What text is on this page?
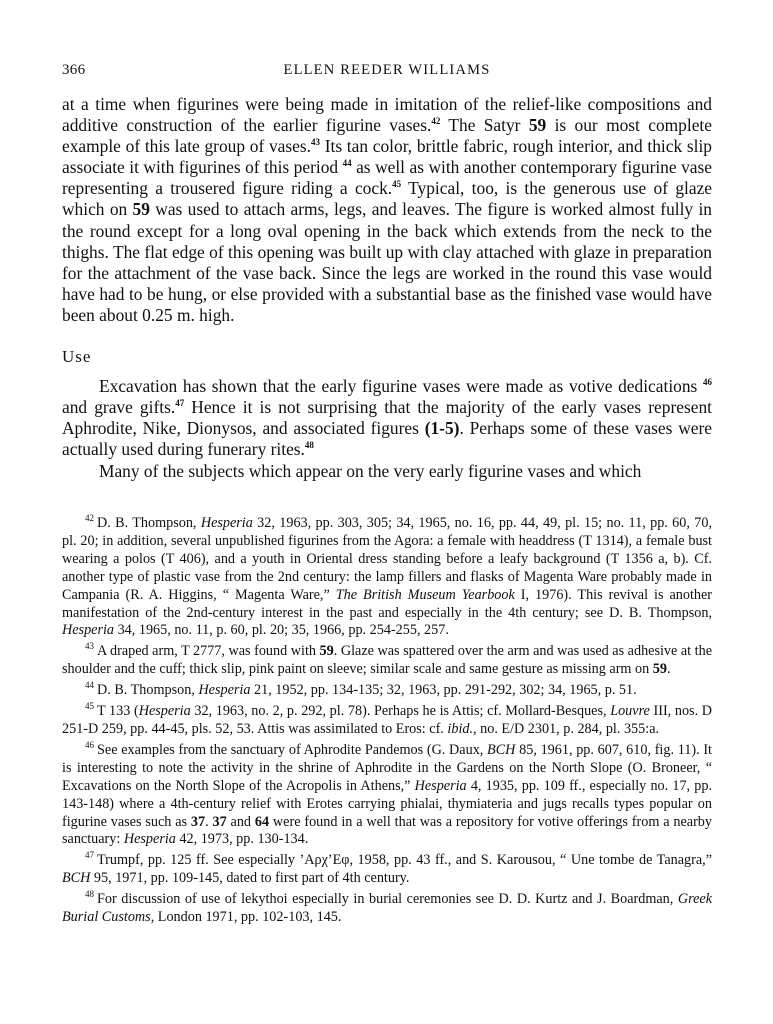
366	ELLEN REEDER WILLIAMS

at a time when figurines were being made in imitation of the relief-like compositions and additive construction of the earlier figurine vases.$^{42}$ The Satyr 59 is our most complete example of this late group of vases.$^{43}$ Its tan color, brittle fabric, rough interior, and thick slip associate it with figurines of this period $^{44}$ as well as with another contemporary figurine vase representing a trousered figure riding a cock.$^{45}$ Typical, too, is the generous use of glaze which on 59 was used to attach arms, legs, and leaves. The figure is worked almost fully in the round except for a long oval opening in the back which extends from the neck to the thighs. The flat edge of this opening was built up with clay attached with glaze in preparation for the attachment of the vase back. Since the legs are worked in the round this vase would have had to be hung, or else provided with a substantial base as the finished vase would have been about 0.25 m. high.

Use

Excavation has shown that the early figurine vases were made as votive dedications $^{46}$ and grave gifts.$^{47}$ Hence it is not surprising that the majority of the early vases represent Aphrodite, Nike, Dionysos, and associated figures (1-5). Perhaps some of these vases were actually used during funerary rites.$^{48}$

Many of the subjects which appear on the very early figurine vases and which

$^{42}$ D. B. Thompson, Hesperia 32, 1963, pp. 303, 305; 34, 1965, no. 16, pp. 44, 49, pl. 15; no. 11, pp. 60, 70, pl. 20; in addition, several unpublished figurines from the Agora: a female with headdress (T 1314), a female bust wearing a polos (T 406), and a youth in Oriental dress standing before a leafy background (T 1356 a, b). Cf. another type of plastic vase from the 2nd century: the lamp fillers and flasks of Magenta Ware probably made in Campania (R. A. Higgins, “ Magenta Ware,” The British Museum Yearbook I, 1976). This revival is another manifestation of the 2nd-century interest in the past and especially in the 4th century; see D. B. Thompson, Hesperia 34, 1965, no. 11, p. 60, pl. 20; 35, 1966, pp. 254-255, 257.

$^{43}$ A draped arm, T 2777, was found with 59. Glaze was spattered over the arm and was used as adhesive at the shoulder and the cuff; thick slip, pink paint on sleeve; similar scale and same gesture as missing arm on 59.

$^{44}$ D. B. Thompson, Hesperia 21, 1952, pp. 134-135; 32, 1963, pp. 291-292, 302; 34, 1965, p. 51.

$^{45}$ T 133 (Hesperia 32, 1963, no. 2, p. 292, pl. 78). Perhaps he is Attis; cf. Mollard-Besques, Louvre III, nos. D 251-D 259, pp. 44-45, pls. 52, 53. Attis was assimilated to Eros: cf. ibid., no. E/D 2301, p. 284, pl. 355:a.

$^{46}$ See examples from the sanctuary of Aphrodite Pandemos (G. Daux, BCH 85, 1961, pp. 607, 610, fig. 11). It is interesting to note the activity in the shrine of Aphrodite in the Gardens on the North Slope (O. Broneer, “ Excavations on the North Slope of the Acropolis in Athens,” Hesperia 4, 1935, pp. 109 ff., especially no. 17, pp. 143-148) where a 4th-century relief with Erotes carrying phialai, thymiateria and jugs recalls types popular on figurine vases such as 37. 37 and 64 were found in a well that was a repository for votive offerings from a nearby sanctuary: Hesperia 42, 1973, pp. 130-134.

$^{47}$ Trumpf, pp. 125 ff. See especially ’Αρχ’Εφ, 1958, pp. 43 ff., and S. Karousou, “ Une tombe de Tanagra,” BCH 95, 1971, pp. 109-145, dated to first part of 4th century.

$^{48}$ For discussion of use of lekythoi especially in burial ceremonies see D. D. Kurtz and J. Boardman, Greek Burial Customs, London 1971, pp. 102-103, 145.
